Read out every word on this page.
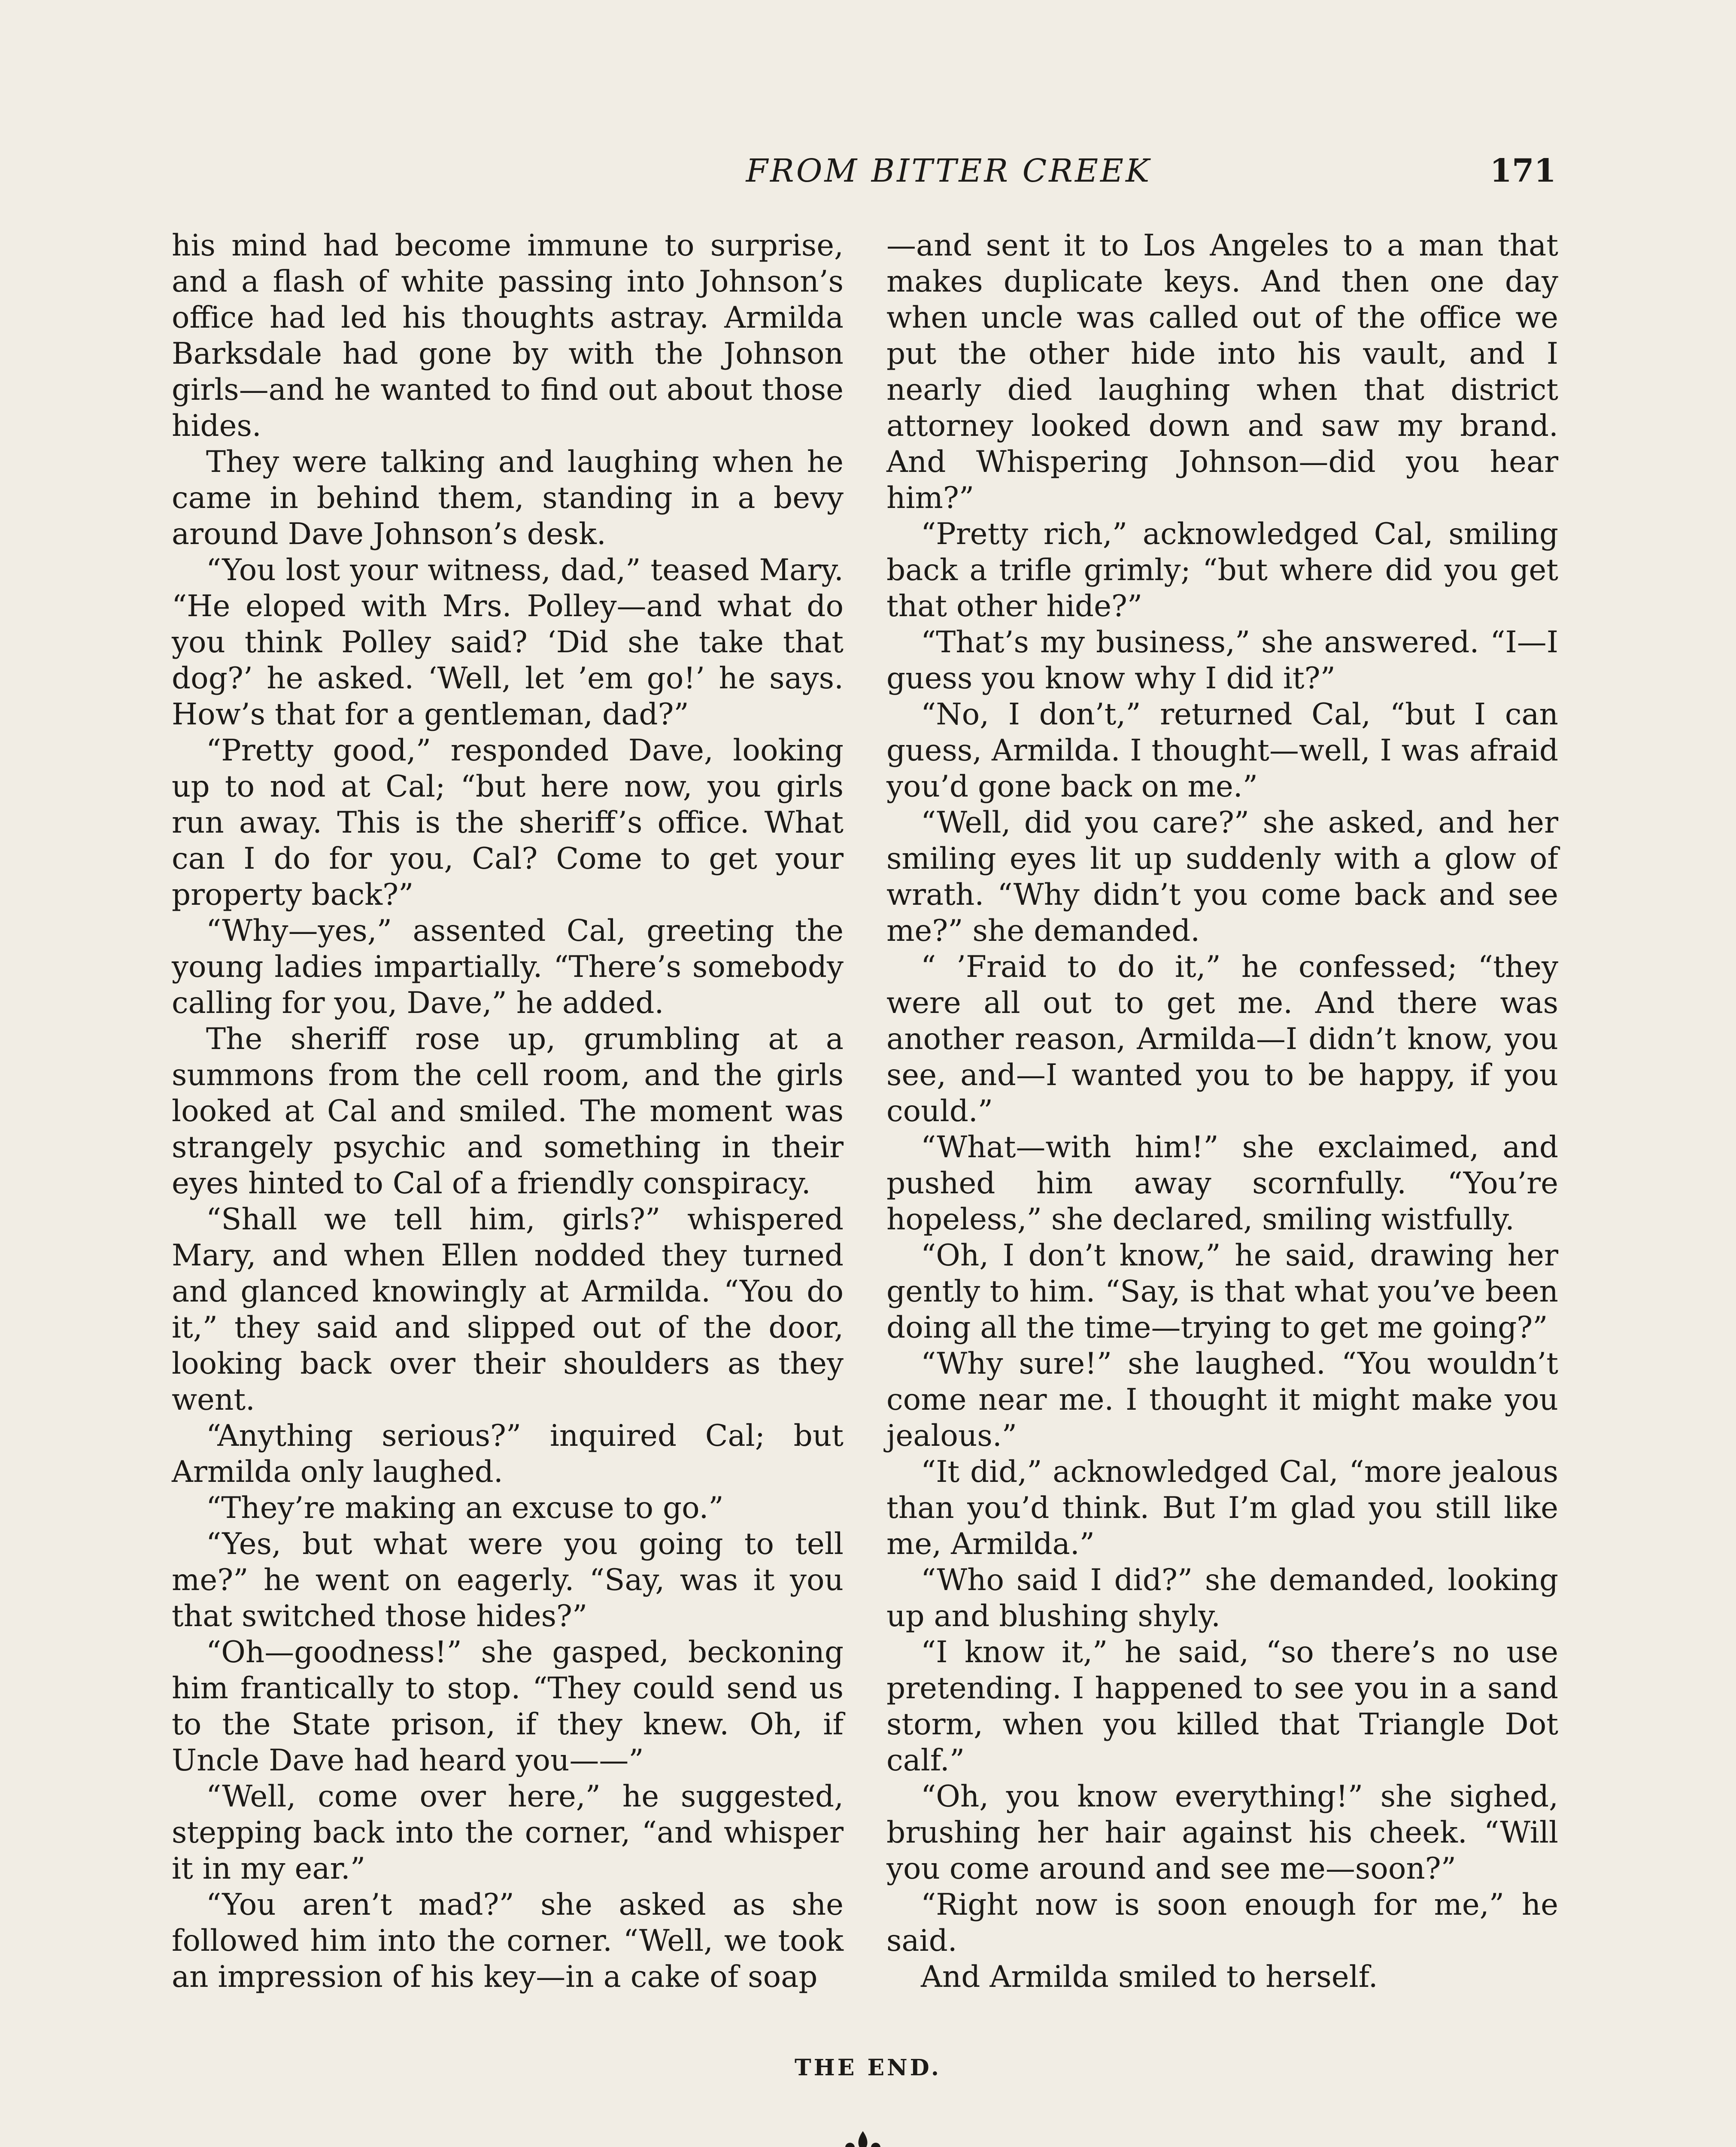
FROM BITTER CREEK	171

his mind had become immune to surprise, and a flash of white passing into Johnson’s office had led his thoughts astray. Armilda Barksdale had gone by with the Johnson girls—and he wanted to find out about those hides.

They were talking and laughing when he came in behind them, standing in a bevy around Dave Johnson’s desk.

“You lost your witness, dad,” teased Mary. “He eloped with Mrs. Polley—and what do you think Polley said? ‘Did she take that dog?’ he asked. ‘Well, let ’em go!’ he says. How’s that for a gentleman, dad?”

“Pretty good,” responded Dave, looking up to nod at Cal; “but here now, you girls run away. This is the sheriff’s office. What can I do for you, Cal? Come to get your property back?”

“Why—yes,” assented Cal, greeting the young ladies impartially. “There’s somebody calling for you, Dave,” he added.

The sheriff rose up, grumbling at a summons from the cell room, and the girls looked at Cal and smiled. The moment was strangely psychic and something in their eyes hinted to Cal of a friendly conspiracy.

“Shall we tell him, girls?” whispered Mary, and when Ellen nodded they turned and glanced knowingly at Armilda. “You do it,” they said and slipped out of the door, looking back over their shoulders as they went.

“Anything serious?” inquired Cal; but Armilda only laughed.

“They’re making an excuse to go.”

“Yes, but what were you going to tell me?” he went on eagerly. “Say, was it you that switched those hides?”

“Oh—goodness!” she gasped, beckoning him frantically to stop. “They could send us to the State prison, if they knew. Oh, if Uncle Dave had heard you——”

“Well, come over here,” he suggested, stepping back into the corner, “and whisper it in my ear.”

“You aren’t mad?” she asked as she followed him into the corner. “Well, we took an impression of his key—in a cake of soap

—and sent it to Los Angeles to a man that makes duplicate keys. And then one day when uncle was called out of the office we put the other hide into his vault, and I nearly died laughing when that district attorney looked down and saw my brand. And Whispering Johnson—did you hear him?”

“Pretty rich,” acknowledged Cal, smiling back a trifle grimly; “but where did you get that other hide?”

“That’s my business,” she answered. “I—I guess you know why I did it?”

“No, I don’t,” returned Cal, “but I can guess, Armilda. I thought—well, I was afraid you’d gone back on me.”

“Well, did you care?” she asked, and her smiling eyes lit up suddenly with a glow of wrath. “Why didn’t you come back and see me?” she demanded.

“ ’Fraid to do it,” he confessed; “they were all out to get me. And there was another reason, Armilda—I didn’t know, you see, and—I wanted you to be happy, if you could.”

“What—with him!” she exclaimed, and pushed him away scornfully. “You’re hopeless,” she declared, smiling wistfully.

“Oh, I don’t know,” he said, drawing her gently to him. “Say, is that what you’ve been doing all the time—trying to get me going?”

“Why sure!” she laughed. “You wouldn’t come near me. I thought it might make you jealous.”

“It did,” acknowledged Cal, “more jealous than you’d think. But I’m glad you still like me, Armilda.”

“Who said I did?” she demanded, looking up and blushing shyly.

“I know it,” he said, “so there’s no use pretending. I happened to see you in a sand storm, when you killed that Triangle Dot calf.”

“Oh, you know everything!” she sighed, brushing her hair against his cheek. “Will you come around and see me—soon?”

“Right now is soon enough for me,” he said.

And Armilda smiled to herself.

THE END.
